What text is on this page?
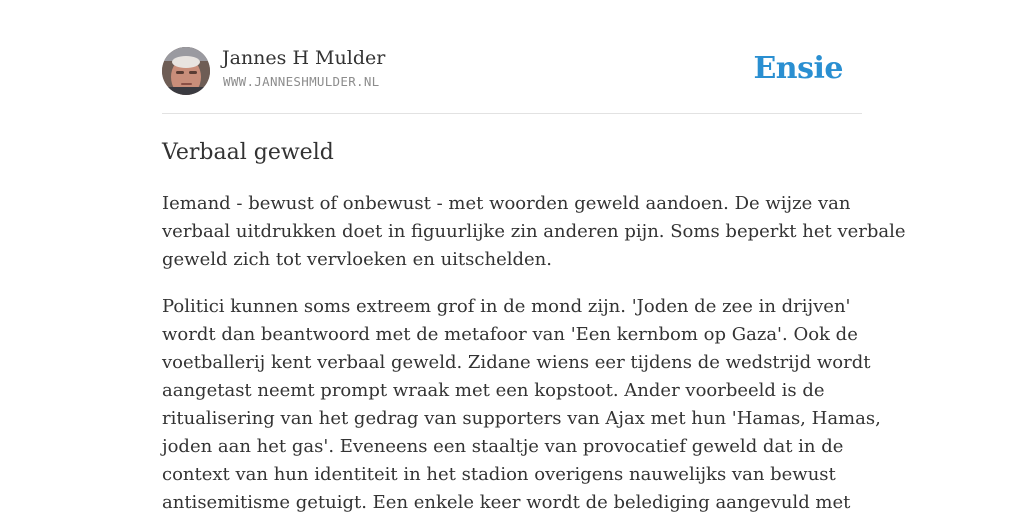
Jannes H Mulder
WWW.JANNESHMULDER.NL	Ensie
Verbaal geweld

Iemand - bewust of onbewust - met woorden geweld aandoen. De wijze van
verbaal uitdrukken doet in figuurlijke zin anderen pijn. Soms beperkt het verbale
geweld zich tot vervloeken en uitschelden.

Politici kunnen soms extreem grof in de mond zijn. 'Joden de zee in drijven'
wordt dan beantwoord met de metafoor van 'Een kernbom op Gaza'. Ook de
voetballerij kent verbaal geweld. Zidane wiens eer tijdens de wedstrijd wordt
aangetast neemt prompt wraak met een kopstoot. Ander voorbeeld is de
ritualisering van het gedrag van supporters van Ajax met hun 'Hamas, Hamas,
joden aan het gas'. Eveneens een staaltje van provocatief geweld dat in de
context van hun identiteit in het stadion overigens nauwelijks van bewust
antisemitisme getuigt. Een enkele keer wordt de belediging aangevuld met
